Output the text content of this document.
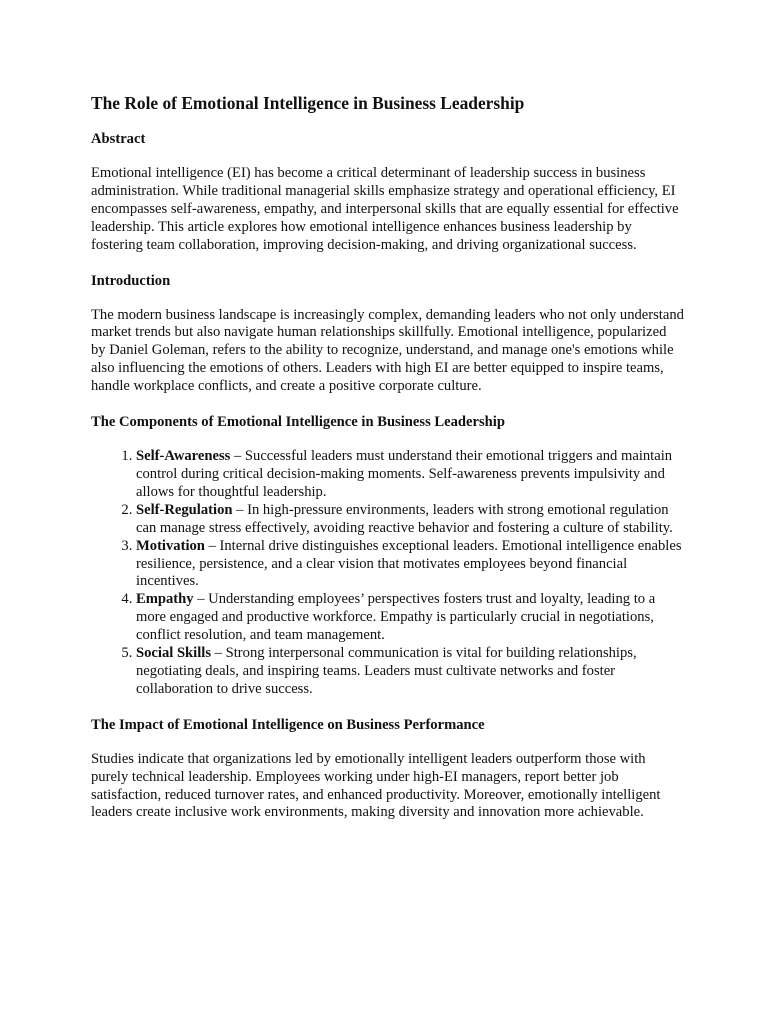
The Role of Emotional Intelligence in Business Leadership
Abstract

Emotional intelligence (EI) has become a critical determinant of leadership success in business administration. While traditional managerial skills emphasize strategy and operational efficiency, EI encompasses self-awareness, empathy, and interpersonal skills that are equally essential for effective leadership. This article explores how emotional intelligence enhances business leadership by fostering team collaboration, improving decision-making, and driving organizational success.

Introduction

The modern business landscape is increasingly complex, demanding leaders who not only understand market trends but also navigate human relationships skillfully. Emotional intelligence, popularized by Daniel Goleman, refers to the ability to recognize, understand, and manage one's emotions while also influencing the emotions of others. Leaders with high EI are better equipped to inspire teams, handle workplace conflicts, and create a positive corporate culture.

The Components of Emotional Intelligence in Business Leadership
1. Self-Awareness – Successful leaders must understand their emotional triggers and maintain control during critical decision-making moments. Self-awareness prevents impulsivity and allows for thoughtful leadership.
2. Self-Regulation – In high-pressure environments, leaders with strong emotional regulation can manage stress effectively, avoiding reactive behavior and fostering a culture of stability.
3. Motivation – Internal drive distinguishes exceptional leaders. Emotional intelligence enables resilience, persistence, and a clear vision that motivates employees beyond financial incentives.
4. Empathy – Understanding employees’ perspectives fosters trust and loyalty, leading to a more engaged and productive workforce. Empathy is particularly crucial in negotiations, conflict resolution, and team management.
5. Social Skills – Strong interpersonal communication is vital for building relationships, negotiating deals, and inspiring teams. Leaders must cultivate networks and foster collaboration to drive success.
The Impact of Emotional Intelligence on Business Performance

Studies indicate that organizations led by emotionally intelligent leaders outperform those with purely technical leadership. Employees working under high-EI managers, report better job satisfaction, reduced turnover rates, and enhanced productivity. Moreover, emotionally intelligent leaders create inclusive work environments, making diversity and innovation more achievable.
